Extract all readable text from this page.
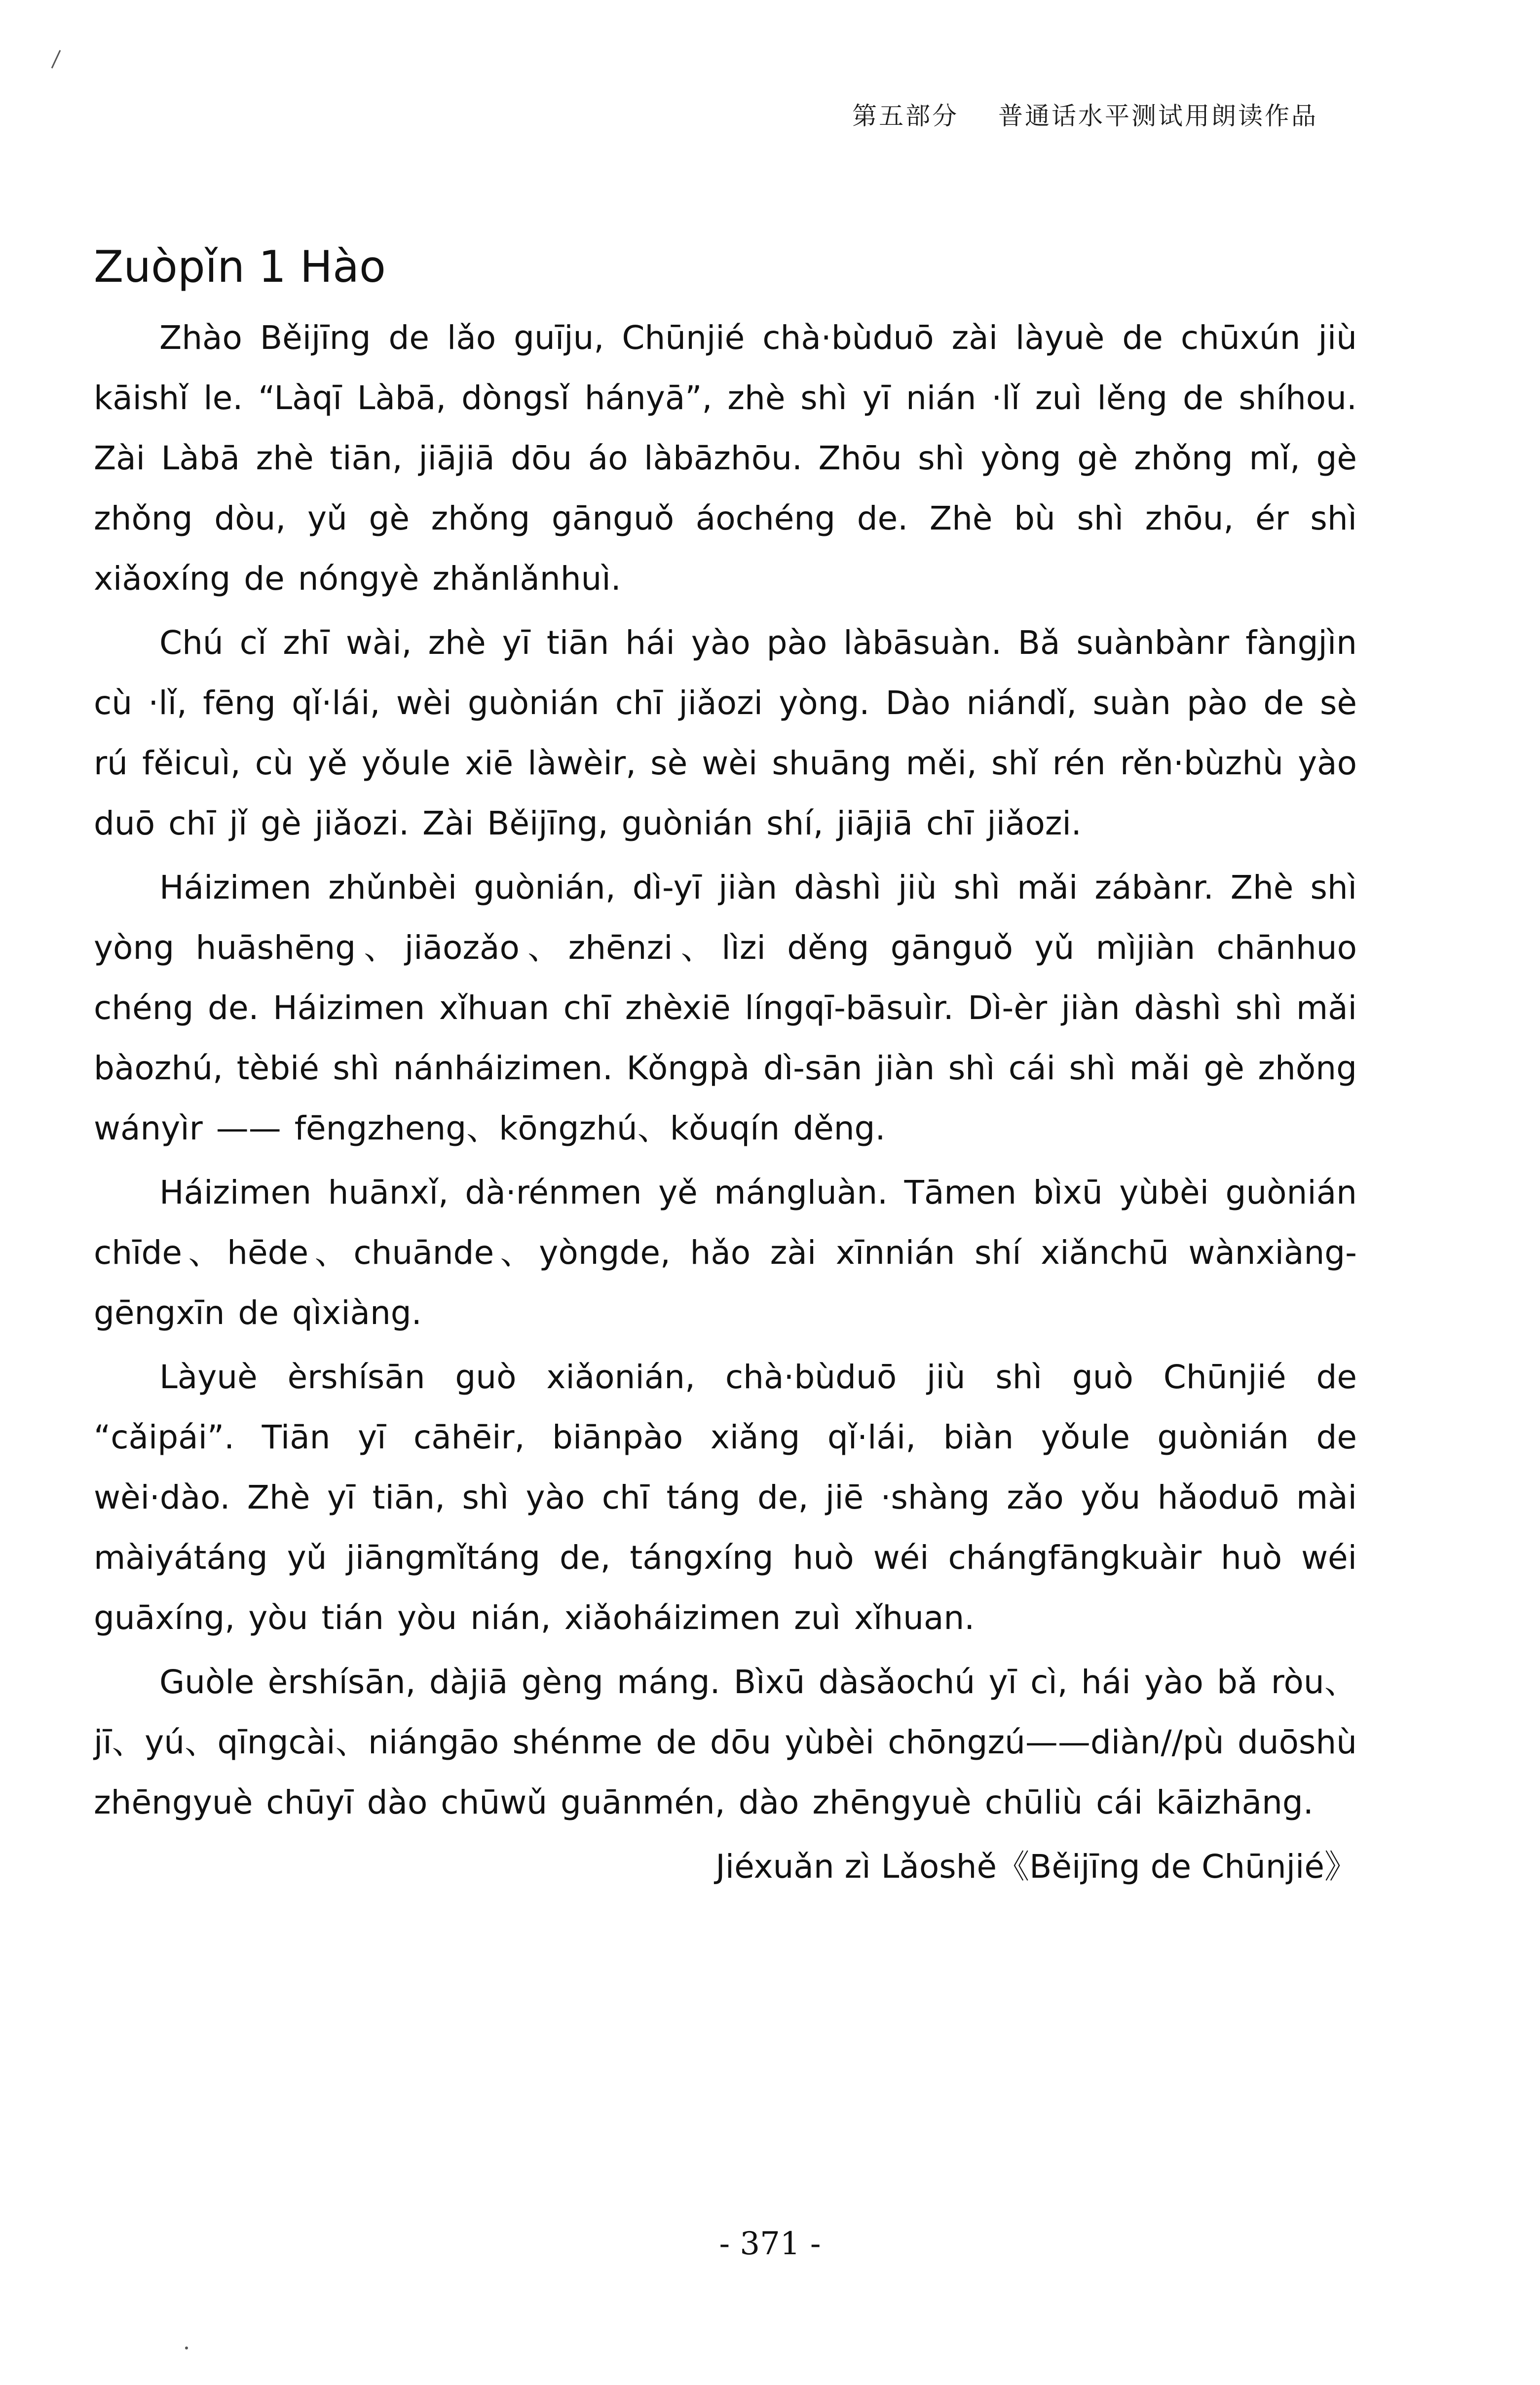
第五部分 普通话水平测试用朗读作品
Zuòpǐn 1 Hào

Zhào Běijīng de lǎo guīju, Chūnjié chà·bùduō zài làyuè de chūxún jiù kāishǐ le. “Làqī Làbā, dòngsǐ hányā”, zhè shì yī nián ·lǐ zuì lěng de shíhou. Zài Làbā zhè tiān, jiājiā dōu áo làbāzhōu. Zhōu shì yòng gè zhǒng mǐ, gè zhǒng dòu, yǔ gè zhǒng gānguǒ áochéng de. Zhè bù shì zhōu, ér shì xiǎoxíng de nóngyè zhǎnlǎnhuì.

Chú cǐ zhī wài, zhè yī tiān hái yào pào làbāsuàn. Bǎ suànbànr fàngjìn cù ·lǐ, fēng qǐ·lái, wèi guònián chī jiǎozi yòng. Dào niándǐ, suàn pào de sè rú fěicuì, cù yě yǒule xiē làwèir, sè wèi shuāng měi, shǐ rén rěn·bùzhù yào duō chī jǐ gè jiǎozi. Zài Běijīng, guònián shí, jiājiā chī jiǎozi.

Háizimen zhǔnbèi guònián, dì-yī jiàn dàshì jiù shì mǎi zábànr. Zhè shì yòng huāshēng、jiāozǎo、zhēnzi、lìzi děng gānguǒ yǔ mìjiàn chānhuo chéng de. Háizimen xǐhuan chī zhèxiē língqī-bāsuìr. Dì-èr jiàn dàshì shì mǎi bàozhú, tèbié shì nánháizimen. Kǒngpà dì-sān jiàn shì cái shì mǎi gè zhǒng wányìr —— fēngzheng、kōngzhú、kǒuqín děng.

Háizimen huānxǐ, dà·rénmen yě mángluàn. Tāmen bìxū yùbèi guònián chīde、hēde、chuānde、yòngde, hǎo zài xīnnián shí xiǎnchū wànxiàng-gēngxīn de qìxiàng.

Làyuè èrshísān guò xiǎonián, chà·bùduō jiù shì guò Chūnjié de “cǎipái”. Tiān yī cāhēir, biānpào xiǎng qǐ·lái, biàn yǒule guònián de wèi·dào. Zhè yī tiān, shì yào chī táng de, jiē ·shàng zǎo yǒu hǎoduō mài màiyátáng yǔ jiāngmǐtáng de, tángxíng huò wéi chángfāngkuàir huò wéi guāxíng, yòu tián yòu nián, xiǎoháizimen zuì xǐhuan.

Guòle èrshísān, dàjiā gèng máng. Bìxū dàsǎochú yī cì, hái yào bǎ ròu、jī、yú、qīngcài、niángāo shénme de dōu yùbèi chōngzú——diàn//pù duōshù zhēngyuè chūyī dào chūwǔ guānmén, dào zhēngyuè chūliù cái kāizhāng.

Jiéxuǎn zì Lǎoshě《Běijīng de Chūnjié》

- 371 -
